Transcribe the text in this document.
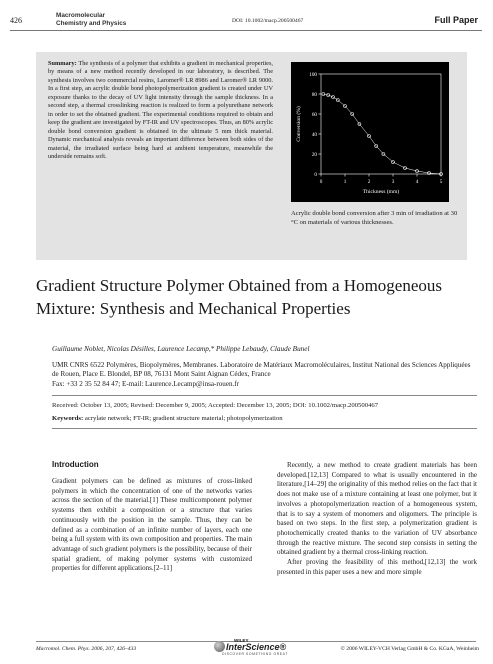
426
Macromolecular
Chemistry and Physics	DOI: 10.1002/macp.200500467	Full Paper
Summary: The synthesis of a polymer that exhibits a gradient in mechanical properties, by means of a new method recently developed in our laboratory, is described. The synthesis involves two commercial resins, Laromer® LR 8986 and Laromer® LR 9000. In a first step, an acrylic double bond photopolymerization gradient is created under UV exposure thanks to the decay of UV light intensity through the sample thickness. In a second step, a thermal crosslinking reaction is realized to form a polyurethane network in order to set the obtained gradient. The experimental conditions required to obtain and keep the gradient are investigated by FT-IR and UV spectroscopes. Thus, an 80% acrylic double bond conversion gradient is obtained in the ultimate 5 mm thick material. Dynamic mechanical analysis reveals an important difference between both sides of the material, the irradiated surface being hard at ambient temperature, meanwhile the underside remains soft.
0	1	2	3	4	5
0
20
40
60
80
100
Thickness (mm)
Conversion (%)
Acrylic double bond conversion after 3 min of irradiation at 30 °C on materials of various thicknesses.
Gradient Structure Polymer Obtained from a Homogeneous Mixture: Synthesis and Mechanical Properties
Guillaume Noblet, Nicolas Désilles, Laurence Lecamp,* Philippe Lebaudy, Claude Bunel
UMR CNRS 6522 Polymères, Biopolymères, Membranes. Laboratoire de Matériaux Macromoléculaires, Institut National des Sciences Appliquées de Rouen, Place E. Blondel, BP 08, 76131 Mont Saint Aignan Cédex, France
Fax: +33 2 35 52 84 47; E-mail: Laurence.Lecamp@insa-rouen.fr
Received: October 13, 2005; Revised: December 9, 2005; Accepted: December 13, 2005; DOI: 10.1002/macp.200500467
Keywords: acrylate network; FT-IR; gradient structure material; photopolymerization
Introduction
Gradient polymers can be defined as mixtures of cross-linked polymers in which the concentration of one of the networks varies across the section of the material.[1] These multicomponent polymer systems then exhibit a composition or a structure that varies continuously with the position in the sample. Thus, they can be defined as a combination of an infinite number of layers, each one being a full system with its own composition and properties. The main advantage of such gradient polymers is the possibility, because of their spatial gradient, of making polymer systems with customized properties for different applications.[2–11]

Recently, a new method to create gradient materials has been developed.[12,13] Compared to what is usually encountered in the literature,[14–29] the originality of this method relies on the fact that it does not make use of a mixture containing at least one polymer, but it involves a photopolymerization reaction of a homogeneous system, that is to say a system of monomers and oligomers. The principle is based on two steps. In the first step, a polymerization gradient is photochemically created thanks to the variation of UV absorbance through the reactive mixture. The second step consists in setting the obtained gradient by a thermal cross-linking reaction.

After proving the feasibility of this method,[12,13] the work presented in this paper uses a new and more simple

Macromol. Chem. Phys. 2006, 207, 426–433
WILEY
InterScience®
DISCOVER SOMETHING GREAT
© 2006 WILEY-VCH Verlag GmbH & Co. KGaA, Weinheim
